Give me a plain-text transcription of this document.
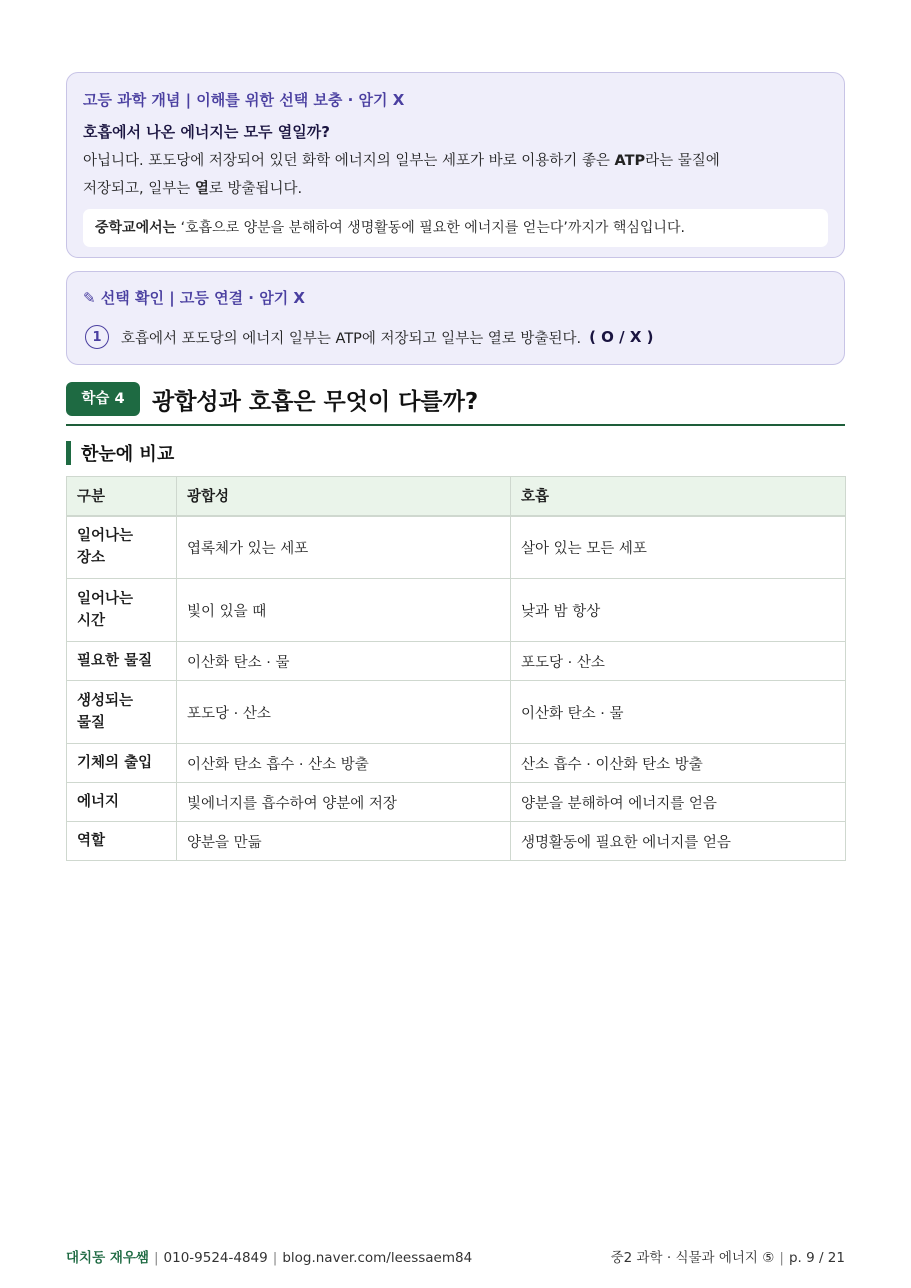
고등 과학 개념 | 이해를 위한 선택 보충 · 암기 X
호흡에서 나온 에너지는 모두 열일까?
아닙니다. 포도당에 저장되어 있던 화학 에너지의 일부는 세포가 바로 이용하기 좋은 ATP라는 물질에
저장되고, 일부는 열로 방출됩니다.
중학교에서는 ‘호흡으로 양분을 분해하여 생명활동에 필요한 에너지를 얻는다’까지가 핵심입니다.
✎ 선택 확인 | 고등 연결 · 암기 X
1	호흡에서 포도당의 에너지 일부는 ATP에 저장되고 일부는 열로 방출된다. ( O / X )
학습 4	광합성과 호흡은 무엇이 다를까?
한눈에 비교
구분	광합성	호흡
일어나는
장소	엽록체가 있는 세포	살아 있는 모든 세포
일어나는
시간	빛이 있을 때	낮과 밤 항상
필요한 물질	이산화 탄소 · 물	포도당 · 산소
생성되는
물질	포도당 · 산소	이산화 탄소 · 물
기체의 출입	이산화 탄소 흡수 · 산소 방출	산소 흡수 · 이산화 탄소 방출
에너지	빛에너지를 흡수하여 양분에 저장	양분을 분해하여 에너지를 얻음
역할	양분을 만듦	생명활동에 필요한 에너지를 얻음
대치동 재우쌤 | 010-9524-4849 | blog.naver.com/leessaem84	중2 과학 · 식물과 에너지 ⑤ | p. 9 / 21
